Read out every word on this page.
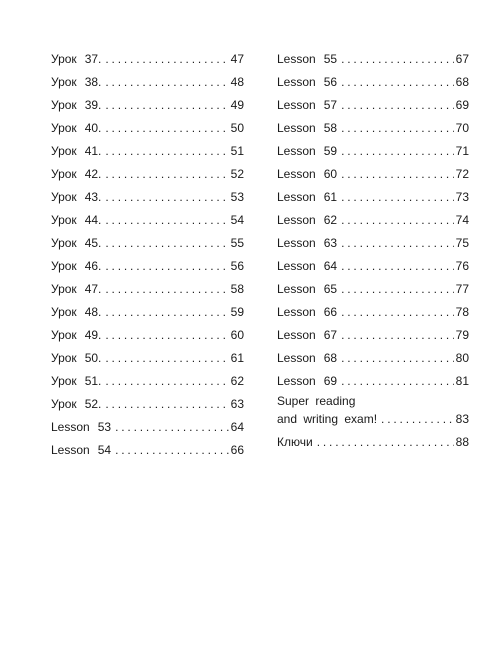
Урок 37. . . .	47
Урок 38. . . .	48
Урок 39. . . .	49
Урок 40. . . .	50
Урок 41. . . .	51
Урок 42. . . .	52
Урок 43. . . .	53
Урок 44. . . .	54
Урок 45. . . .	55
Урок 46. . . .	56
Урок 47. . . .	58
Урок 48. . . .	59
Урок 49. . . .	60
Урок 50. . . .	61
Урок 51. . . .	62
Урок 52. . . .	63
Lesson 53 . . .	64
Lesson 54 . . .	66
Lesson 55 . . .	67
Lesson 56 . . .	68
Lesson 57 . . .	69
Lesson 58 . . .	70
Lesson 59 . . .	71
Lesson 60 . . .	72
Lesson 61 . . .	73
Lesson 62 . . .	74
Lesson 63 . . .	75
Lesson 64 . . .	76
Lesson 65 . . .	77
Lesson 66 . . .	78
Lesson 67 . . .	79
Lesson 68 . . .	80
Lesson 69 . . .	81
Super reading
and writing exam! . . .	83
Ключи . . .	88
